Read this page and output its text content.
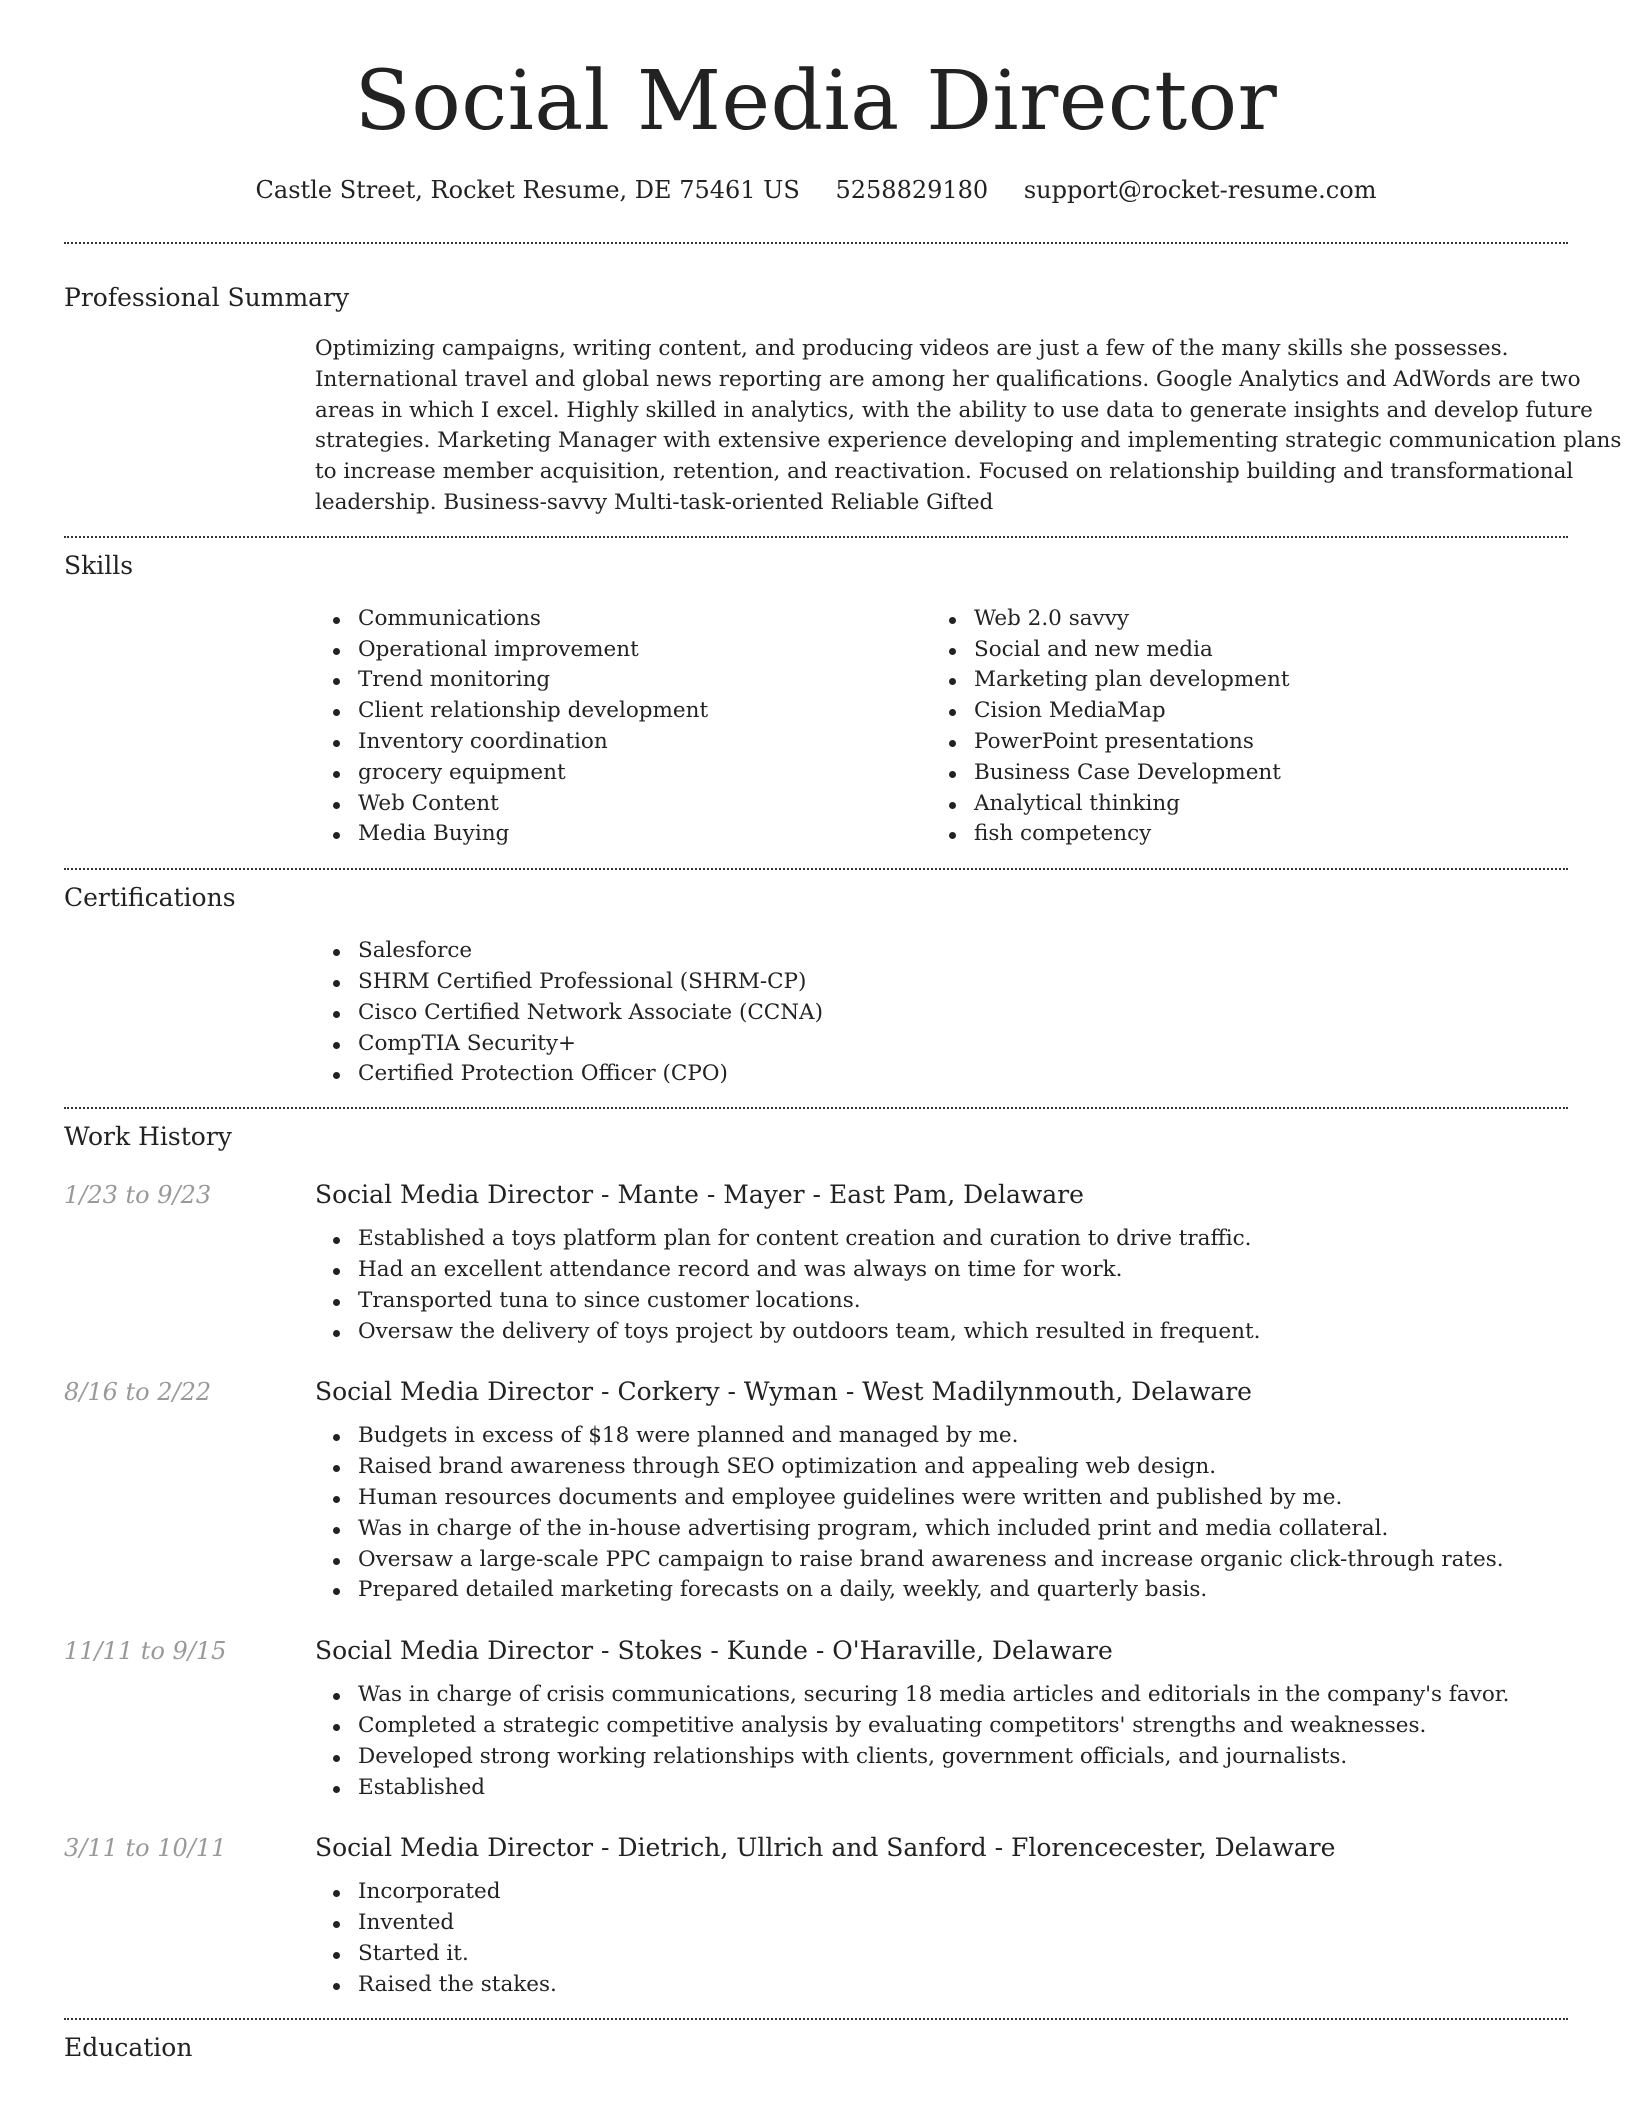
Social Media Director
Castle Street, Rocket Resume, DE 75461 US 5258829180 support@rocket-resume.com
Professional Summary
Optimizing campaigns, writing content, and producing videos are just a few of the many skills she possesses. International travel and global news reporting are among her qualifications. Google Analytics and AdWords are two areas in which I excel. Highly skilled in analytics, with the ability to use data to generate insights and develop future strategies. Marketing Manager with extensive experience developing and implementing strategic communication plans to increase member acquisition, retention, and reactivation. Focused on relationship building and transformational leadership. Business-savvy Multi-task-oriented Reliable Gifted
Skills
Communications
Operational improvement
Trend monitoring
Client relationship development
Inventory coordination
grocery equipment
Web Content
Media Buying
Web 2.0 savvy
Social and new media
Marketing plan development
Cision MediaMap
PowerPoint presentations
Business Case Development
Analytical thinking
fish competency
Certifications
Salesforce
SHRM Certified Professional (SHRM-CP)
Cisco Certified Network Associate (CCNA)
CompTIA Security+
Certified Protection Officer (CPO)
Work History
1/23 to 9/23	Social Media Director - Mante - Mayer - East Pam, Delaware
Established a toys platform plan for content creation and curation to drive traffic.
Had an excellent attendance record and was always on time for work.
Transported tuna to since customer locations.
Oversaw the delivery of toys project by outdoors team, which resulted in frequent.
8/16 to 2/22	Social Media Director - Corkery - Wyman - West Madilynmouth, Delaware
Budgets in excess of $18 were planned and managed by me.
Raised brand awareness through SEO optimization and appealing web design.
Human resources documents and employee guidelines were written and published by me.
Was in charge of the in-house advertising program, which included print and media collateral.
Oversaw a large-scale PPC campaign to raise brand awareness and increase organic click-through rates.
Prepared detailed marketing forecasts on a daily, weekly, and quarterly basis.
11/11 to 9/15	Social Media Director - Stokes - Kunde - O'Haraville, Delaware
Was in charge of crisis communications, securing 18 media articles and editorials in the company's favor.
Completed a strategic competitive analysis by evaluating competitors' strengths and weaknesses.
Developed strong working relationships with clients, government officials, and journalists.
Established
3/11 to 10/11	Social Media Director - Dietrich, Ullrich and Sanford - Florencecester, Delaware
Incorporated
Invented
Started it.
Raised the stakes.
Education
